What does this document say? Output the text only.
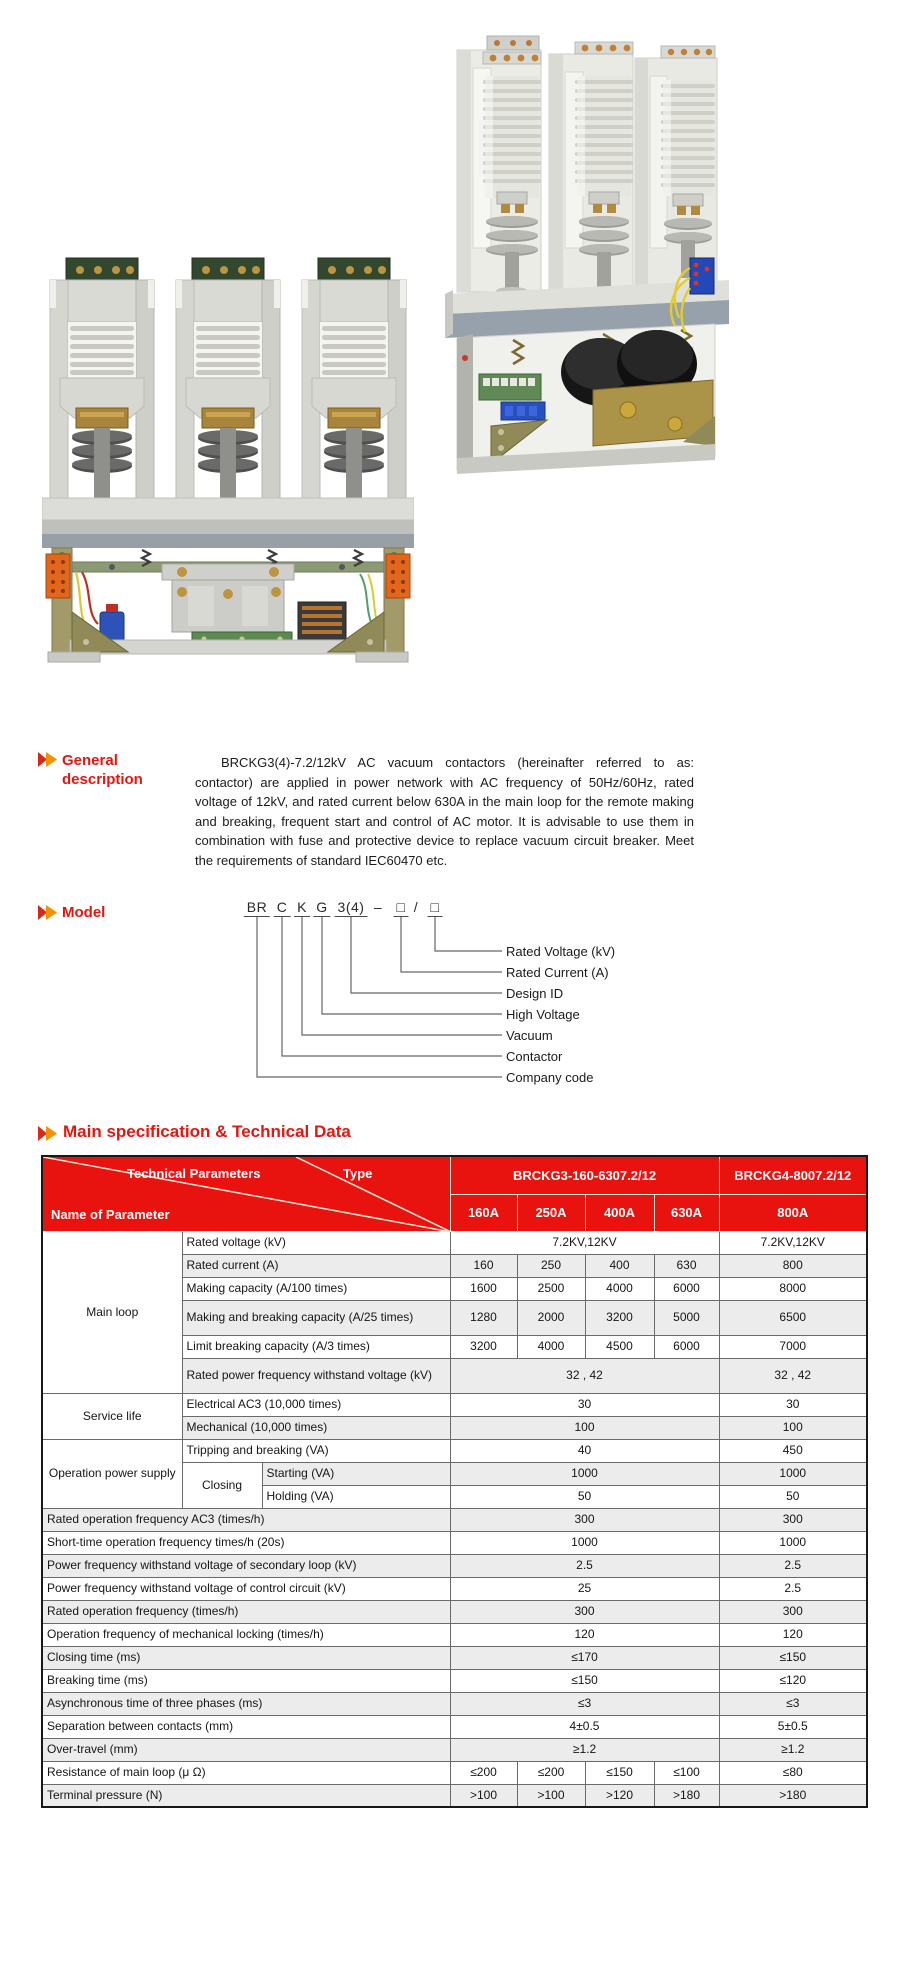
General
description
BRCKG3(4)-7.2/12kV AC vacuum contactors (hereinafter referred to as: contactor) are applied in power network with AC frequency of 50Hz/60Hz, rated voltage of 12kV, and rated current below 630A in the main loop for the remote making and breaking, frequent start and control of AC motor. It is advisable to use them in combination with fuse and protective device to replace vacuum circuit breaker. Meet the requirements of standard IEC60470 etc.
Model	BR C K G 3(4) – □ / □
Rated Voltage (kV)
Rated Current (A)
Design ID
High Voltage
Vacuum
Contactor
Company code
Main specification & Technical Data
Technical Parameters Type
Name of Parameter			BRCKG3-160-6307.2/12				BRCKG4-8007.2/12
			160A	250A	400A	630A	800A
Main loop	Rated voltage (kV)		7.2KV,12KV				7.2KV,12KV
	Rated current (A)		160	250	400	630	800
	Making capacity (A/100 times)		1600	2500	4000	6000	8000
	Making and breaking capacity (A/25 times)		1280	2000	3200	5000	6500
	Limit breaking capacity (A/3 times)		3200	4000	4500	6000	7000
	Rated power frequency withstand voltage (kV)		32 , 42				32 , 42
Service life	Electrical AC3 (10,000 times)		30				30
	Mechanical (10,000 times)		100				100
Operation power supply	Tripping and breaking (VA)		40				450
	Closing	Starting (VA)	1000				1000
		Holding (VA)	50				50
Rated operation frequency AC3 (times/h)			300				300
Short-time operation frequency times/h (20s)			1000				1000
Power frequency withstand voltage of secondary loop (kV)			2.5				2.5
Power frequency withstand voltage of control circuit (kV)			25				2.5
Rated operation frequency (times/h)			300				300
Operation frequency of mechanical locking (times/h)			120				120
Closing time (ms)			≤170				≤150
Breaking time (ms)			≤150				≤120
Asynchronous time of three phases (ms)			≤3				≤3
Separation between contacts (mm)			4±0.5				5±0.5
Over-travel (mm)			≥1.2				≥1.2
Resistance of main loop (μ Ω)			≤200	≤200	≤150	≤100	≤80
Terminal pressure (N)			>100	>100	>120	>180	>180
